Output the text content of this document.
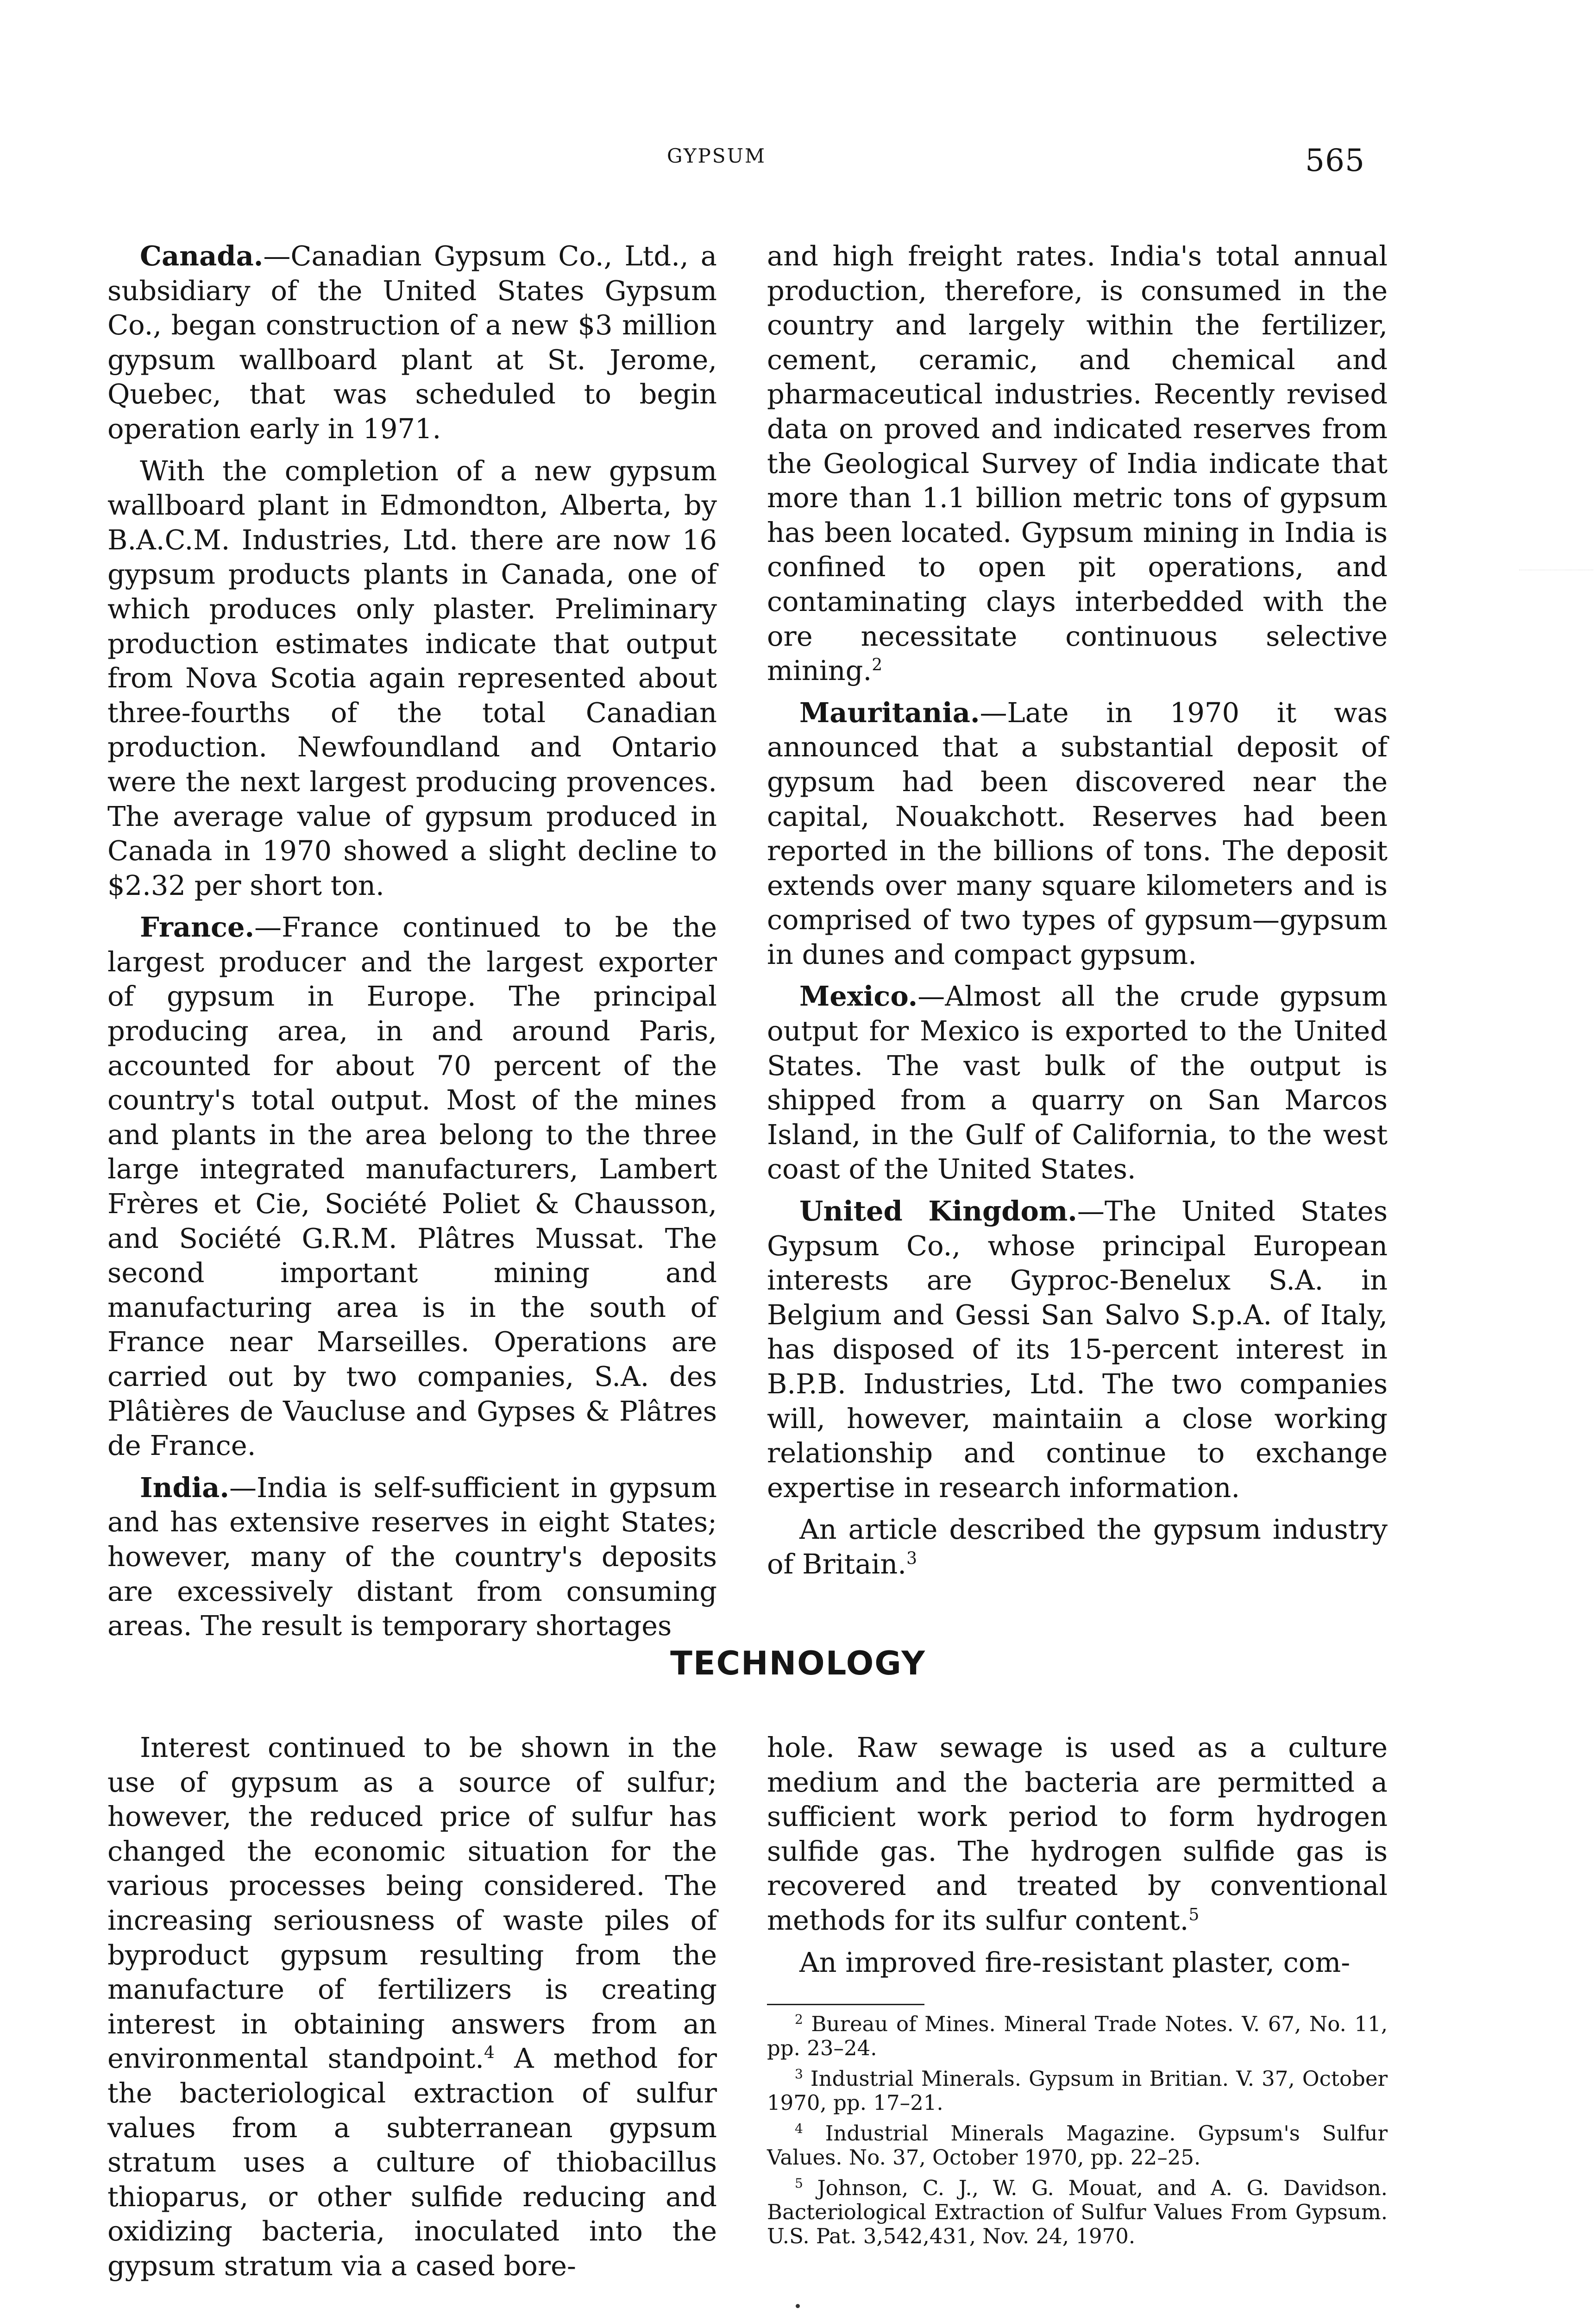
GYPSUM	565

Canada.—Canadian Gypsum Co., Ltd., a subsidiary of the United States Gypsum Co., began construction of a new $3 million gypsum wallboard plant at St. Jerome, Quebec, that was scheduled to begin operation early in 1971.

With the completion of a new gypsum wallboard plant in Edmondton, Alberta, by B.A.C.M. Industries, Ltd. there are now 16 gypsum products plants in Canada, one of which produces only plaster. Preliminary production estimates indicate that output from Nova Scotia again represented about three-fourths of the total Canadian production. Newfoundland and Ontario were the next largest producing provences. The average value of gypsum produced in Canada in 1970 showed a slight decline to $2.32 per short ton.

France.—France continued to be the largest producer and the largest exporter of gypsum in Europe. The principal producing area, in and around Paris, accounted for about 70 percent of the country's total output. Most of the mines and plants in the area belong to the three large integrated manufacturers, Lambert Frères et Cie, Société Poliet & Chausson, and Société G.R.M. Plâtres Mussat. The second important mining and manufacturing area is in the south of France near Marseilles. Operations are carried out by two companies, S.A. des Plâtières de Vaucluse and Gypses & Plâtres de France.

India.—India is self-sufficient in gypsum and has extensive reserves in eight States; however, many of the country's deposits are excessively distant from consuming areas. The result is temporary shortages

and high freight rates. India's total annual production, therefore, is consumed in the country and largely within the fertilizer, cement, ceramic, and chemical and pharmaceutical industries. Recently revised data on proved and indicated reserves from the Geological Survey of India indicate that more than 1.1 billion metric tons of gypsum has been located. Gypsum mining in India is confined to open pit operations, and contaminating clays interbedded with the ore necessitate continuous selective mining.$^2$

Mauritania.—Late in 1970 it was announced that a substantial deposit of gypsum had been discovered near the capital, Nouakchott. Reserves had been reported in the billions of tons. The deposit extends over many square kilometers and is comprised of two types of gypsum—gypsum in dunes and compact gypsum.

Mexico.—Almost all the crude gypsum output for Mexico is exported to the United States. The vast bulk of the output is shipped from a quarry on San Marcos Island, in the Gulf of California, to the west coast of the United States.

United Kingdom.—The United States Gypsum Co., whose principal European interests are Gyproc-Benelux S.A. in Belgium and Gessi San Salvo S.p.A. of Italy, has disposed of its 15-percent interest in B.P.B. Industries, Ltd. The two companies will, however, maintaiin a close working relationship and continue to exchange expertise in research information.

An article described the gypsum industry of Britain.$^3$

TECHNOLOGY

Interest continued to be shown in the use of gypsum as a source of sulfur; however, the reduced price of sulfur has changed the economic situation for the various processes being considered. The increasing seriousness of waste piles of byproduct gypsum resulting from the manufacture of fertilizers is creating interest in obtaining answers from an environmental standpoint.$^4$ A method for the bacteriological extraction of sulfur values from a subterranean gypsum stratum uses a culture of thiobacillus thioparus, or other sulfide reducing and oxidizing bacteria, inoculated into the gypsum stratum via a cased bore-

hole. Raw sewage is used as a culture medium and the bacteria are permitted a sufficient work period to form hydrogen sulfide gas. The hydrogen sulfide gas is recovered and treated by conventional methods for its sulfur content.$^5$

An improved fire-resistant plaster, com-

$^2$ Bureau of Mines. Mineral Trade Notes. V. 67, No. 11, pp. 23–24.

$^3$ Industrial Minerals. Gypsum in Britian. V. 37, October 1970, pp. 17–21.

$^4$ Industrial Minerals Magazine. Gypsum's Sulfur Values. No. 37, October 1970, pp. 22–25.

$^5$ Johnson, C. J., W. G. Mouat, and A. G. Davidson. Bacteriological Extraction of Sulfur Values From Gypsum. U.S. Pat. 3,542,431, Nov. 24, 1970.
